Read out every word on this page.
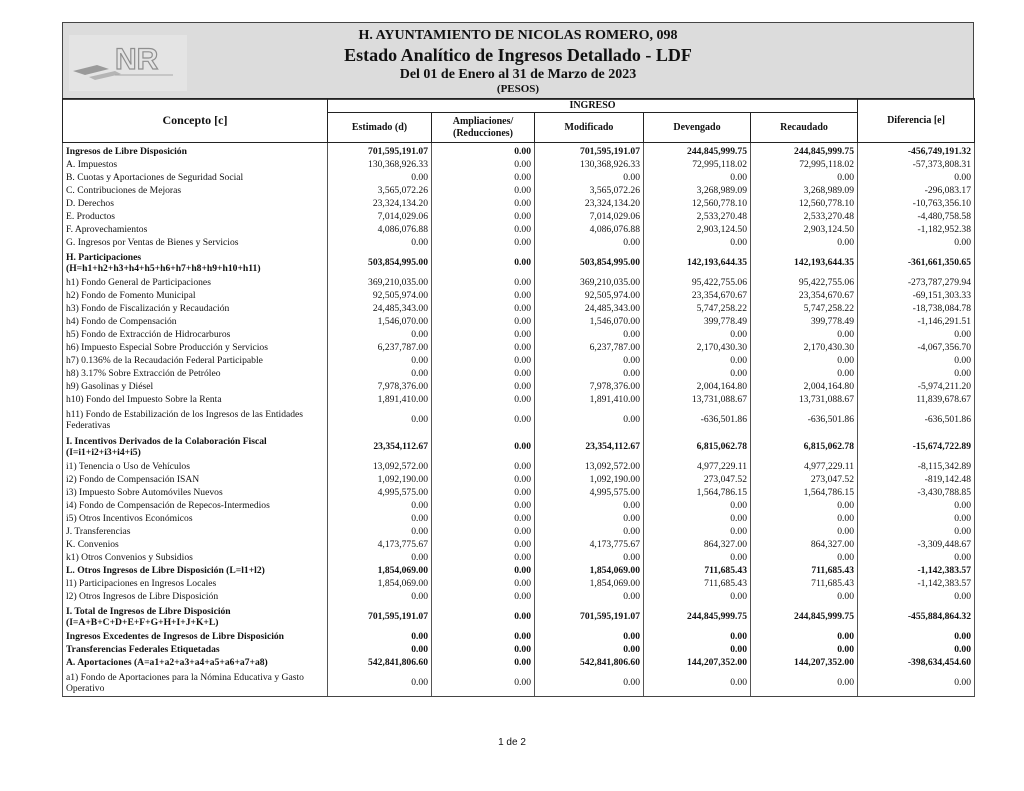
NR
H. AYUNTAMIENTO DE NICOLAS ROMERO, 098
Estado Analítico de Ingresos Detallado - LDF
Del 01 de Enero al 31 de Marzo de 2023
(PESOS)
Concepto [c]	INGRESO					Diferencia [e]
	Estimado (d)	Ampliaciones/ (Reducciones)	Modificado	Devengado	Recaudado	
Ingresos de Libre Disposición	701,595,191.07	0.00	701,595,191.07	244,845,999.75	244,845,999.75	-456,749,191.32
A. Impuestos	130,368,926.33	0.00	130,368,926.33	72,995,118.02	72,995,118.02	-57,373,808.31
B. Cuotas y Aportaciones de Seguridad Social	0.00	0.00	0.00	0.00	0.00	0.00
C. Contribuciones de Mejoras	3,565,072.26	0.00	3,565,072.26	3,268,989.09	3,268,989.09	-296,083.17
D. Derechos	23,324,134.20	0.00	23,324,134.20	12,560,778.10	12,560,778.10	-10,763,356.10
E. Productos	7,014,029.06	0.00	7,014,029.06	2,533,270.48	2,533,270.48	-4,480,758.58
F. Aprovechamientos	4,086,076.88	0.00	4,086,076.88	2,903,124.50	2,903,124.50	-1,182,952.38
G. Ingresos por Ventas de Bienes y Servicios	0.00	0.00	0.00	0.00	0.00	0.00
H. Participaciones (H=h1+h2+h3+h4+h5+h6+h7+h8+h9+h10+h11)	503,854,995.00	0.00	503,854,995.00	142,193,644.35	142,193,644.35	-361,661,350.65
h1) Fondo General de Participaciones	369,210,035.00	0.00	369,210,035.00	95,422,755.06	95,422,755.06	-273,787,279.94
h2) Fondo de Fomento Municipal	92,505,974.00	0.00	92,505,974.00	23,354,670.67	23,354,670.67	-69,151,303.33
h3) Fondo de Fiscalización y Recaudación	24,485,343.00	0.00	24,485,343.00	5,747,258.22	5,747,258.22	-18,738,084.78
h4) Fondo de Compensación	1,546,070.00	0.00	1,546,070.00	399,778.49	399,778.49	-1,146,291.51
h5) Fondo de Extracción de Hidrocarburos	0.00	0.00	0.00	0.00	0.00	0.00
h6) Impuesto Especial Sobre Producción y Servicios	6,237,787.00	0.00	6,237,787.00	2,170,430.30	2,170,430.30	-4,067,356.70
h7) 0.136% de la Recaudación Federal Participable	0.00	0.00	0.00	0.00	0.00	0.00
h8) 3.17% Sobre Extracción de Petróleo	0.00	0.00	0.00	0.00	0.00	0.00
h9) Gasolinas y Diésel	7,978,376.00	0.00	7,978,376.00	2,004,164.80	2,004,164.80	-5,974,211.20
h10) Fondo del Impuesto Sobre la Renta	1,891,410.00	0.00	1,891,410.00	13,731,088.67	13,731,088.67	11,839,678.67
h11) Fondo de Estabilización de los Ingresos de las Entidades Federativas	0.00	0.00	0.00	-636,501.86	-636,501.86	-636,501.86
I. Incentivos Derivados de la Colaboración Fiscal (I=i1+i2+i3+i4+i5)	23,354,112.67	0.00	23,354,112.67	6,815,062.78	6,815,062.78	-15,674,722.89
i1) Tenencia o Uso de Vehículos	13,092,572.00	0.00	13,092,572.00	4,977,229.11	4,977,229.11	-8,115,342.89
i2) Fondo de Compensación ISAN	1,092,190.00	0.00	1,092,190.00	273,047.52	273,047.52	-819,142.48
i3) Impuesto Sobre Automóviles Nuevos	4,995,575.00	0.00	4,995,575.00	1,564,786.15	1,564,786.15	-3,430,788.85
i4) Fondo de Compensación de Repecos-Intermedios	0.00	0.00	0.00	0.00	0.00	0.00
i5) Otros Incentivos Económicos	0.00	0.00	0.00	0.00	0.00	0.00
J. Transferencias	0.00	0.00	0.00	0.00	0.00	0.00
K. Convenios	4,173,775.67	0.00	4,173,775.67	864,327.00	864,327.00	-3,309,448.67
k1) Otros Convenios y Subsidios	0.00	0.00	0.00	0.00	0.00	0.00
L. Otros Ingresos de Libre Disposición (L=l1+l2)	1,854,069.00	0.00	1,854,069.00	711,685.43	711,685.43	-1,142,383.57
l1) Participaciones en Ingresos Locales	1,854,069.00	0.00	1,854,069.00	711,685.43	711,685.43	-1,142,383.57
l2) Otros Ingresos de Libre Disposición	0.00	0.00	0.00	0.00	0.00	0.00
I. Total de Ingresos de Libre Disposición (I=A+B+C+D+E+F+G+H+I+J+K+L)	701,595,191.07	0.00	701,595,191.07	244,845,999.75	244,845,999.75	-455,884,864.32
Ingresos Excedentes de Ingresos de Libre Disposición	0.00	0.00	0.00	0.00	0.00	0.00
Transferencias Federales Etiquetadas	0.00	0.00	0.00	0.00	0.00	0.00
A. Aportaciones (A=a1+a2+a3+a4+a5+a6+a7+a8)	542,841,806.60	0.00	542,841,806.60	144,207,352.00	144,207,352.00	-398,634,454.60
a1) Fondo de Aportaciones para la Nómina Educativa y Gasto Operativo	0.00	0.00	0.00	0.00	0.00	0.00
1 de 2
